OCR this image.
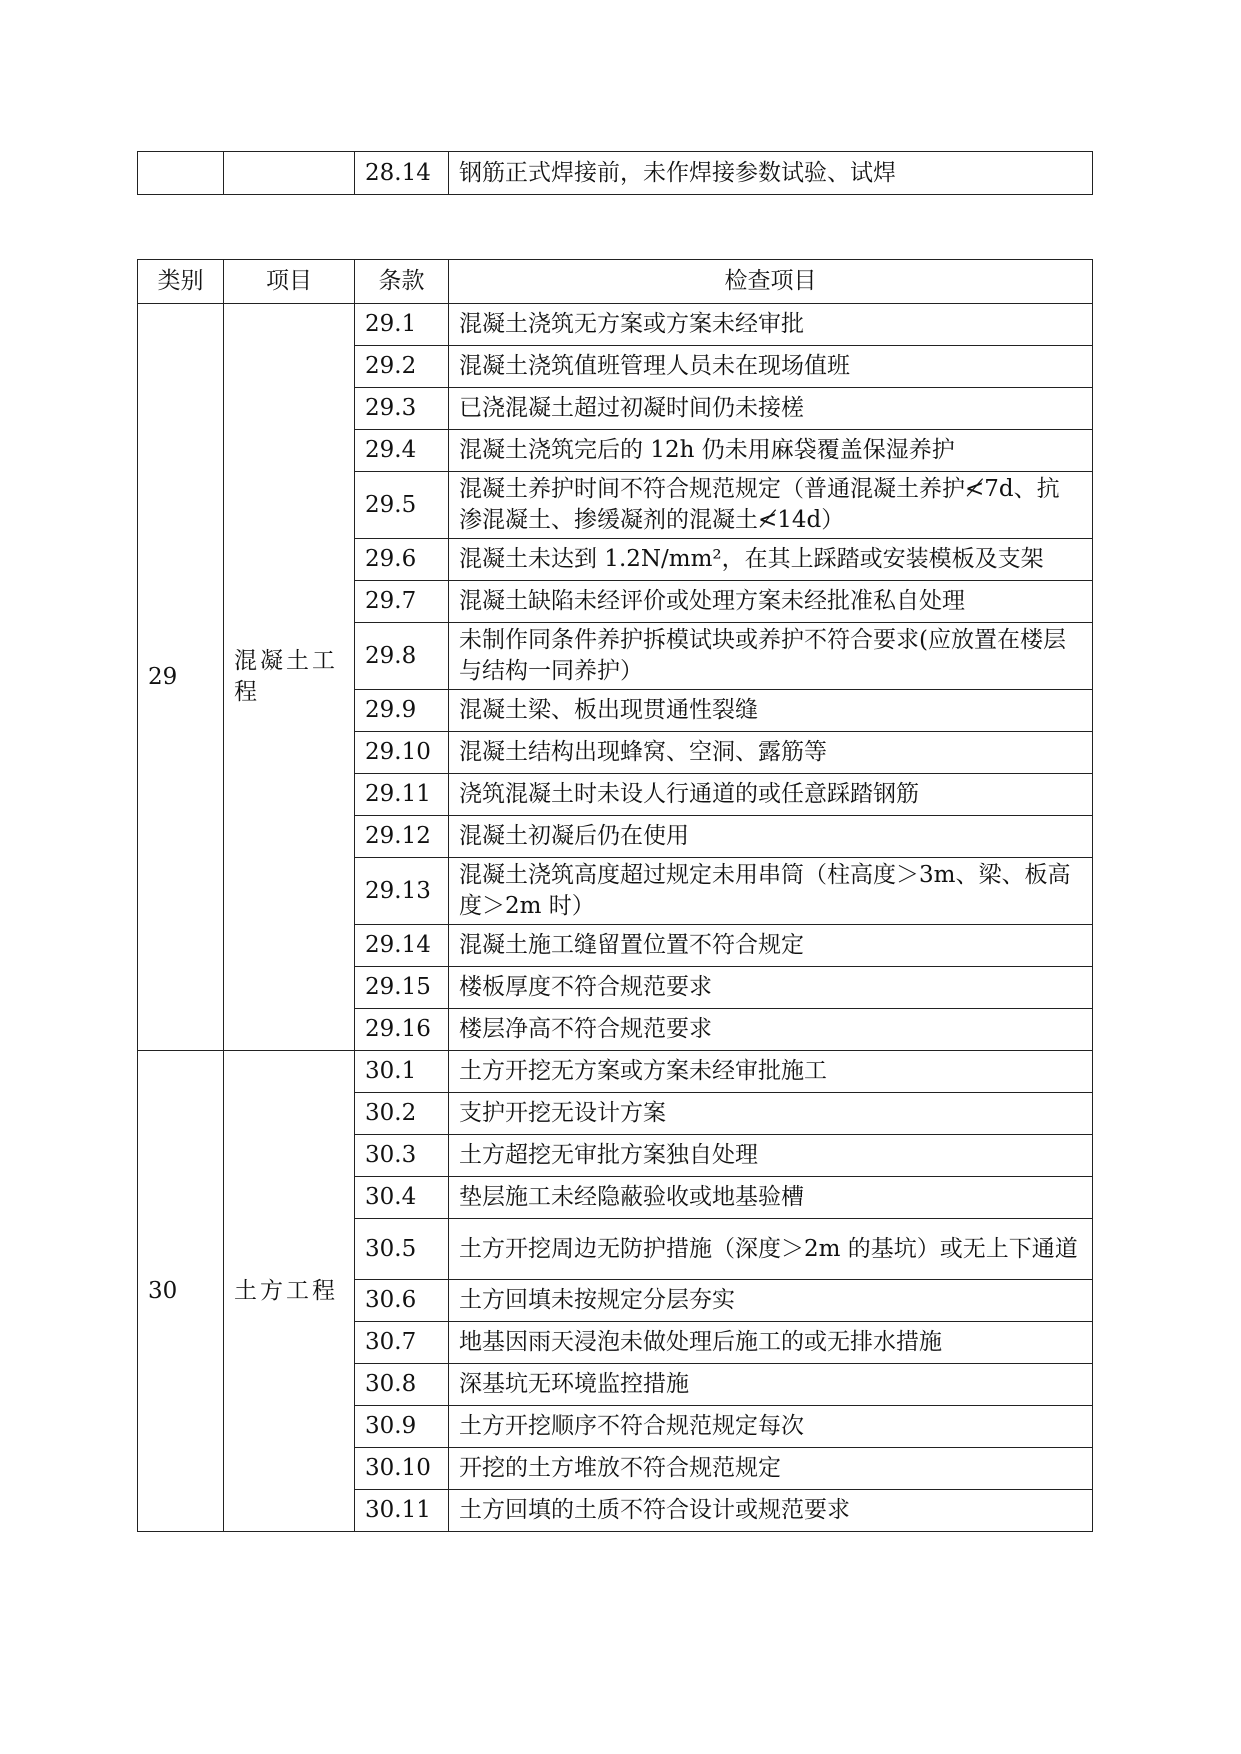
		28.14	钢筋正式焊接前，未作焊接参数试验、试焊
类别	项目	条款	检查项目
29	混凝土工程	29.1	混凝土浇筑无方案或方案未经审批
		29.2	混凝土浇筑值班管理人员未在现场值班
		29.3	已浇混凝土超过初凝时间仍未接槎
		29.4	混凝土浇筑完后的 12h 仍未用麻袋覆盖保湿养护
		29.5	混凝土养护时间不符合规范规定（普通混凝土养护≮7d、抗渗混凝土、掺缓凝剂的混凝土≮14d）
		29.6	混凝土未达到 1.2N/mm²，在其上踩踏或安装模板及支架
		29.7	混凝土缺陷未经评价或处理方案未经批准私自处理
		29.8	未制作同条件养护拆模试块或养护不符合要求(应放置在楼层与结构一同养护）
		29.9	混凝土梁、板出现贯通性裂缝
		29.10	混凝土结构出现蜂窝、空洞、露筋等
		29.11	浇筑混凝土时未设人行通道的或任意踩踏钢筋
		29.12	混凝土初凝后仍在使用
		29.13	混凝土浇筑高度超过规定未用串筒（柱高度＞3m、梁、板高度＞2m 时）
		29.14	混凝土施工缝留置位置不符合规定
		29.15	楼板厚度不符合规范要求
		29.16	楼层净高不符合规范要求
30	土方工程	30.1	土方开挖无方案或方案未经审批施工
		30.2	支护开挖无设计方案
		30.3	土方超挖无审批方案独自处理
		30.4	垫层施工未经隐蔽验收或地基验槽
		30.5	土方开挖周边无防护措施（深度＞2m 的基坑）或无上下通道
		30.6	土方回填未按规定分层夯实
		30.7	地基因雨天浸泡未做处理后施工的或无排水措施
		30.8	深基坑无环境监控措施
		30.9	土方开挖顺序不符合规范规定每次
		30.10	开挖的土方堆放不符合规范规定
		30.11	土方回填的土质不符合设计或规范要求
